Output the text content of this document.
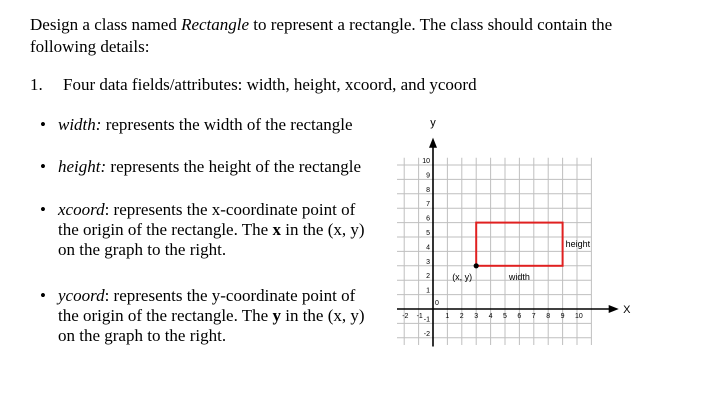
Design a class named Rectangle to represent a rectangle. The class should contain the following details:
1. Four data fields/attributes: width, height, xcoord, and ycoord
• width: represents the width of the rectangle
• height: represents the height of the rectangle
• xcoord: represents the x-coordinate point of the origin of the rectangle. The x in the (x, y) on the graph to the right.
• ycoord: represents the y-coordinate point of the origin of the rectangle. The y in the (x, y) on the graph to the right.
-2 -1
0
1 2 3 4 5 6 7 8 9 10
-2
-1
1
2
3
4
5
6
7
8
9
10
X
y
(x, y)	width
height
